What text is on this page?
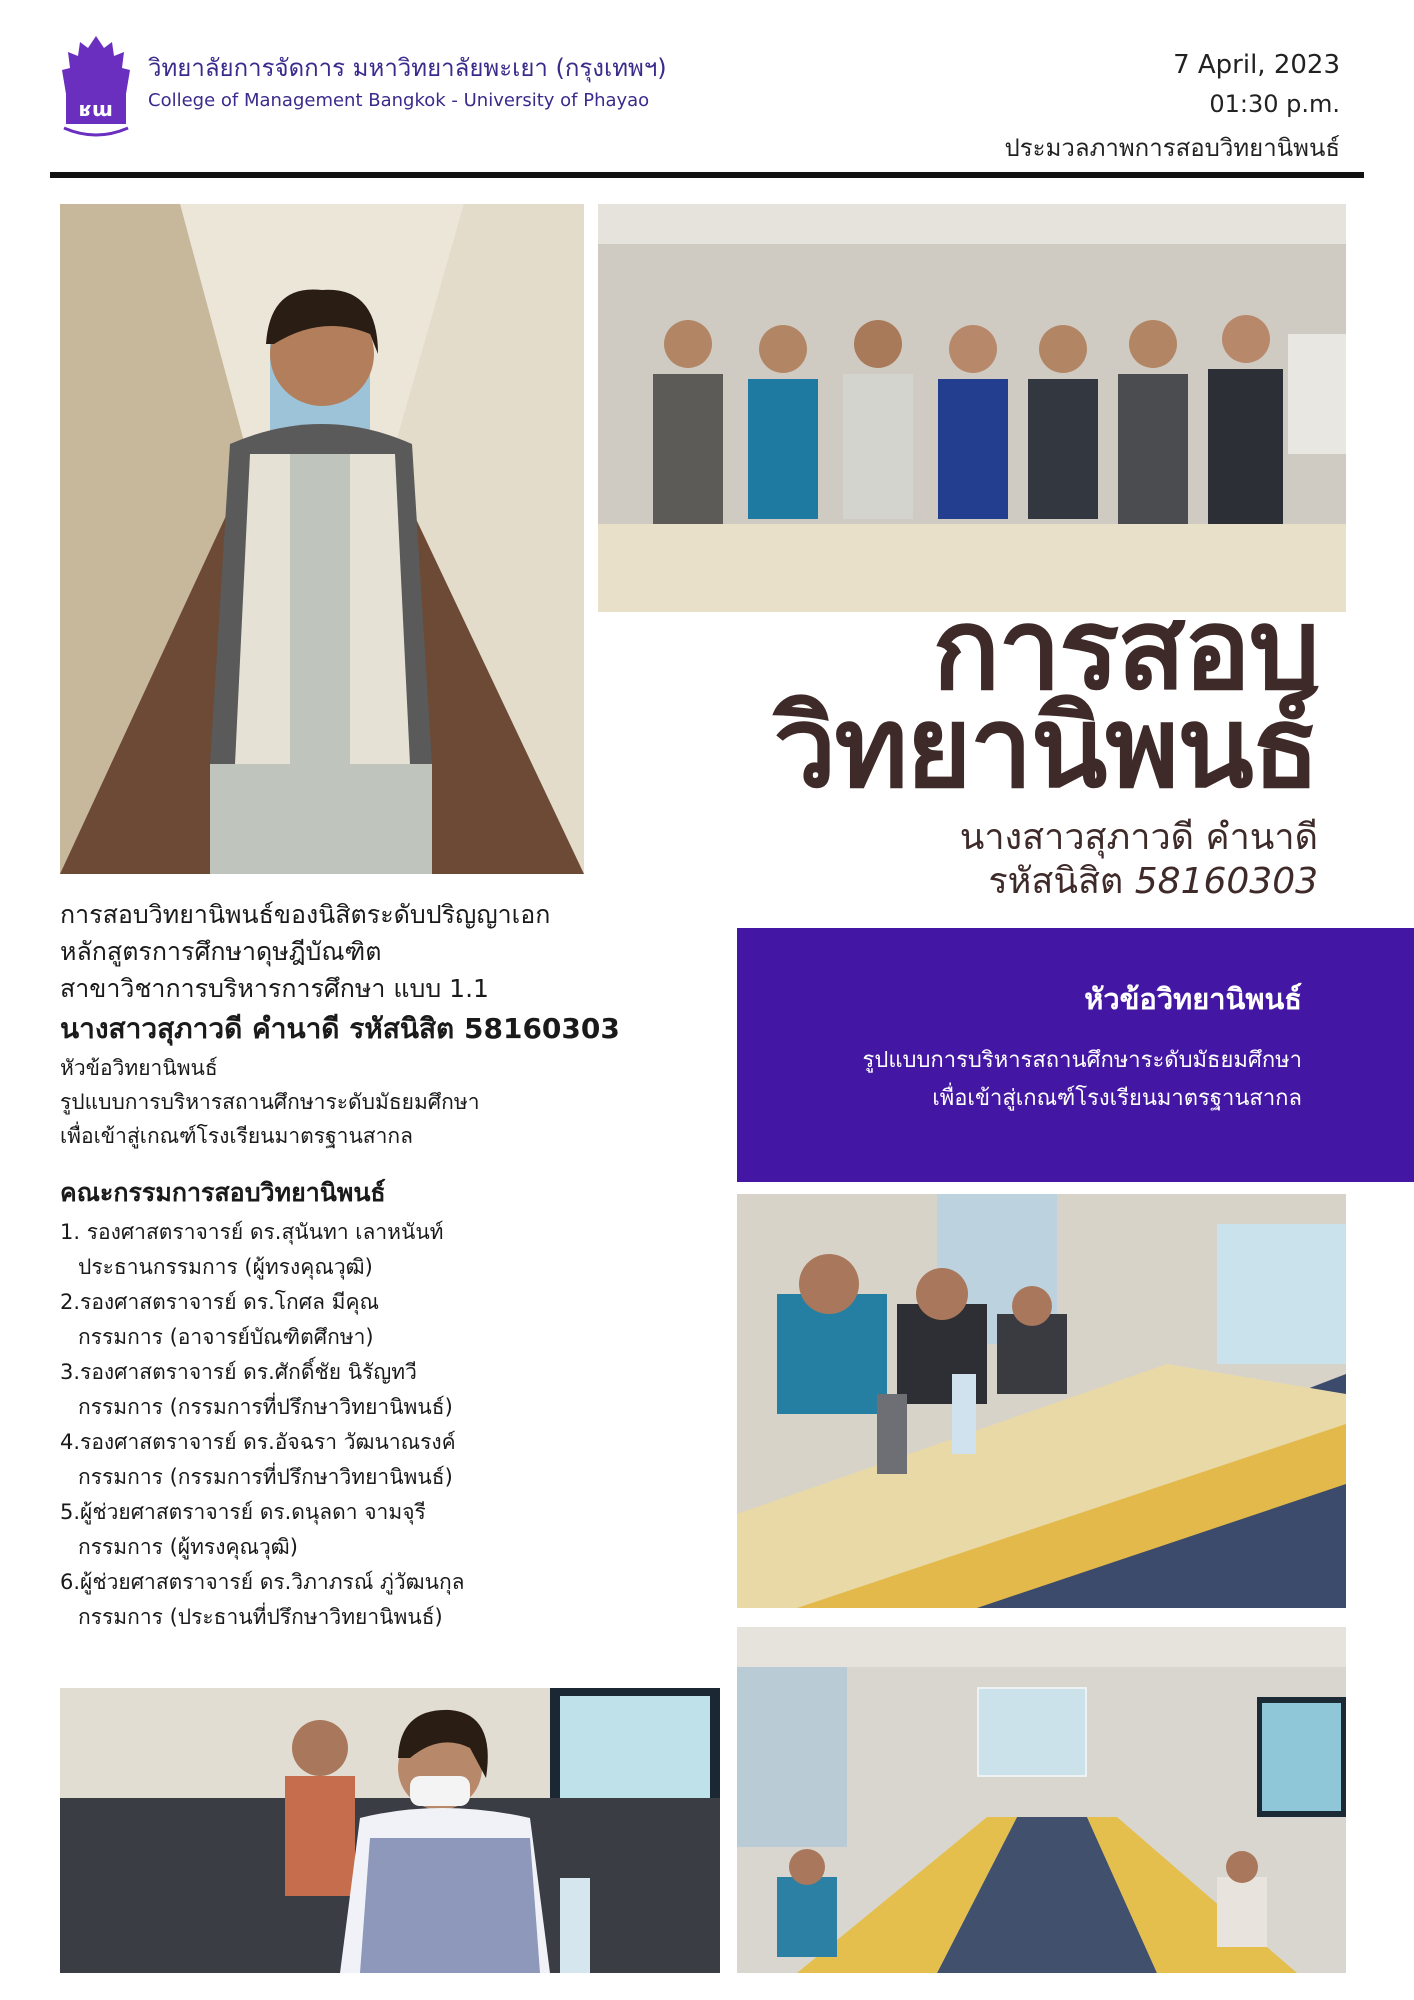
ʁɯ
วิทยาลัยการจัดการ มหาวิทยาลัยพะเยา (กรุงเทพฯ)
College of Management Bangkok - University of Phayao
7 April, 2023
01:30 p.m.
ประมวลภาพการสอบวิทยานิพนธ์
การสอบ
วิทยานิพนธ์
นางสาวสุภาวดี คำนาดี
รหัสนิสิต 58160303
การสอบวิทยานิพนธ์ของนิสิตระดับปริญญาเอก
หลักสูตรการศึกษาดุษฎีบัณฑิต
สาขาวิชาการบริหารการศึกษา แบบ 1.1
นางสาวสุภาวดี คำนาดี รหัสนิสิต 58160303
หัวข้อวิทยานิพนธ์
รูปแบบการบริหารสถานศึกษาระดับมัธยมศึกษา
เพื่อเข้าสู่เกณฑ์โรงเรียนมาตรฐานสากล
คณะกรรมการสอบวิทยานิพนธ์
1. รองศาสตราจารย์ ดร.สุนันทา เลาหนันท์
ประธานกรรมการ (ผู้ทรงคุณวุฒิ)
2.รองศาสตราจารย์ ดร.โกศล มีคุณ
กรรมการ (อาจารย์บัณฑิตศึกษา)
3.รองศาสตราจารย์ ดร.ศักดิ์ชัย นิรัญทวี
กรรมการ (กรรมการที่ปรึกษาวิทยานิพนธ์)
4.รองศาสตราจารย์ ดร.อัจฉรา วัฒนาณรงค์
กรรมการ (กรรมการที่ปรึกษาวิทยานิพนธ์)
5.ผู้ช่วยศาสตราจารย์ ดร.ดนุลดา จามจุรี
กรรมการ (ผู้ทรงคุณวุฒิ)
6.ผู้ช่วยศาสตราจารย์ ดร.วิภาภรณ์ ภู่วัฒนกุล
กรรมการ (ประธานที่ปรึกษาวิทยานิพนธ์)
หัวข้อวิทยานิพนธ์
รูปแบบการบริหารสถานศึกษาระดับมัธยมศึกษา
เพื่อเข้าสู่เกณฑ์โรงเรียนมาตรฐานสากล
